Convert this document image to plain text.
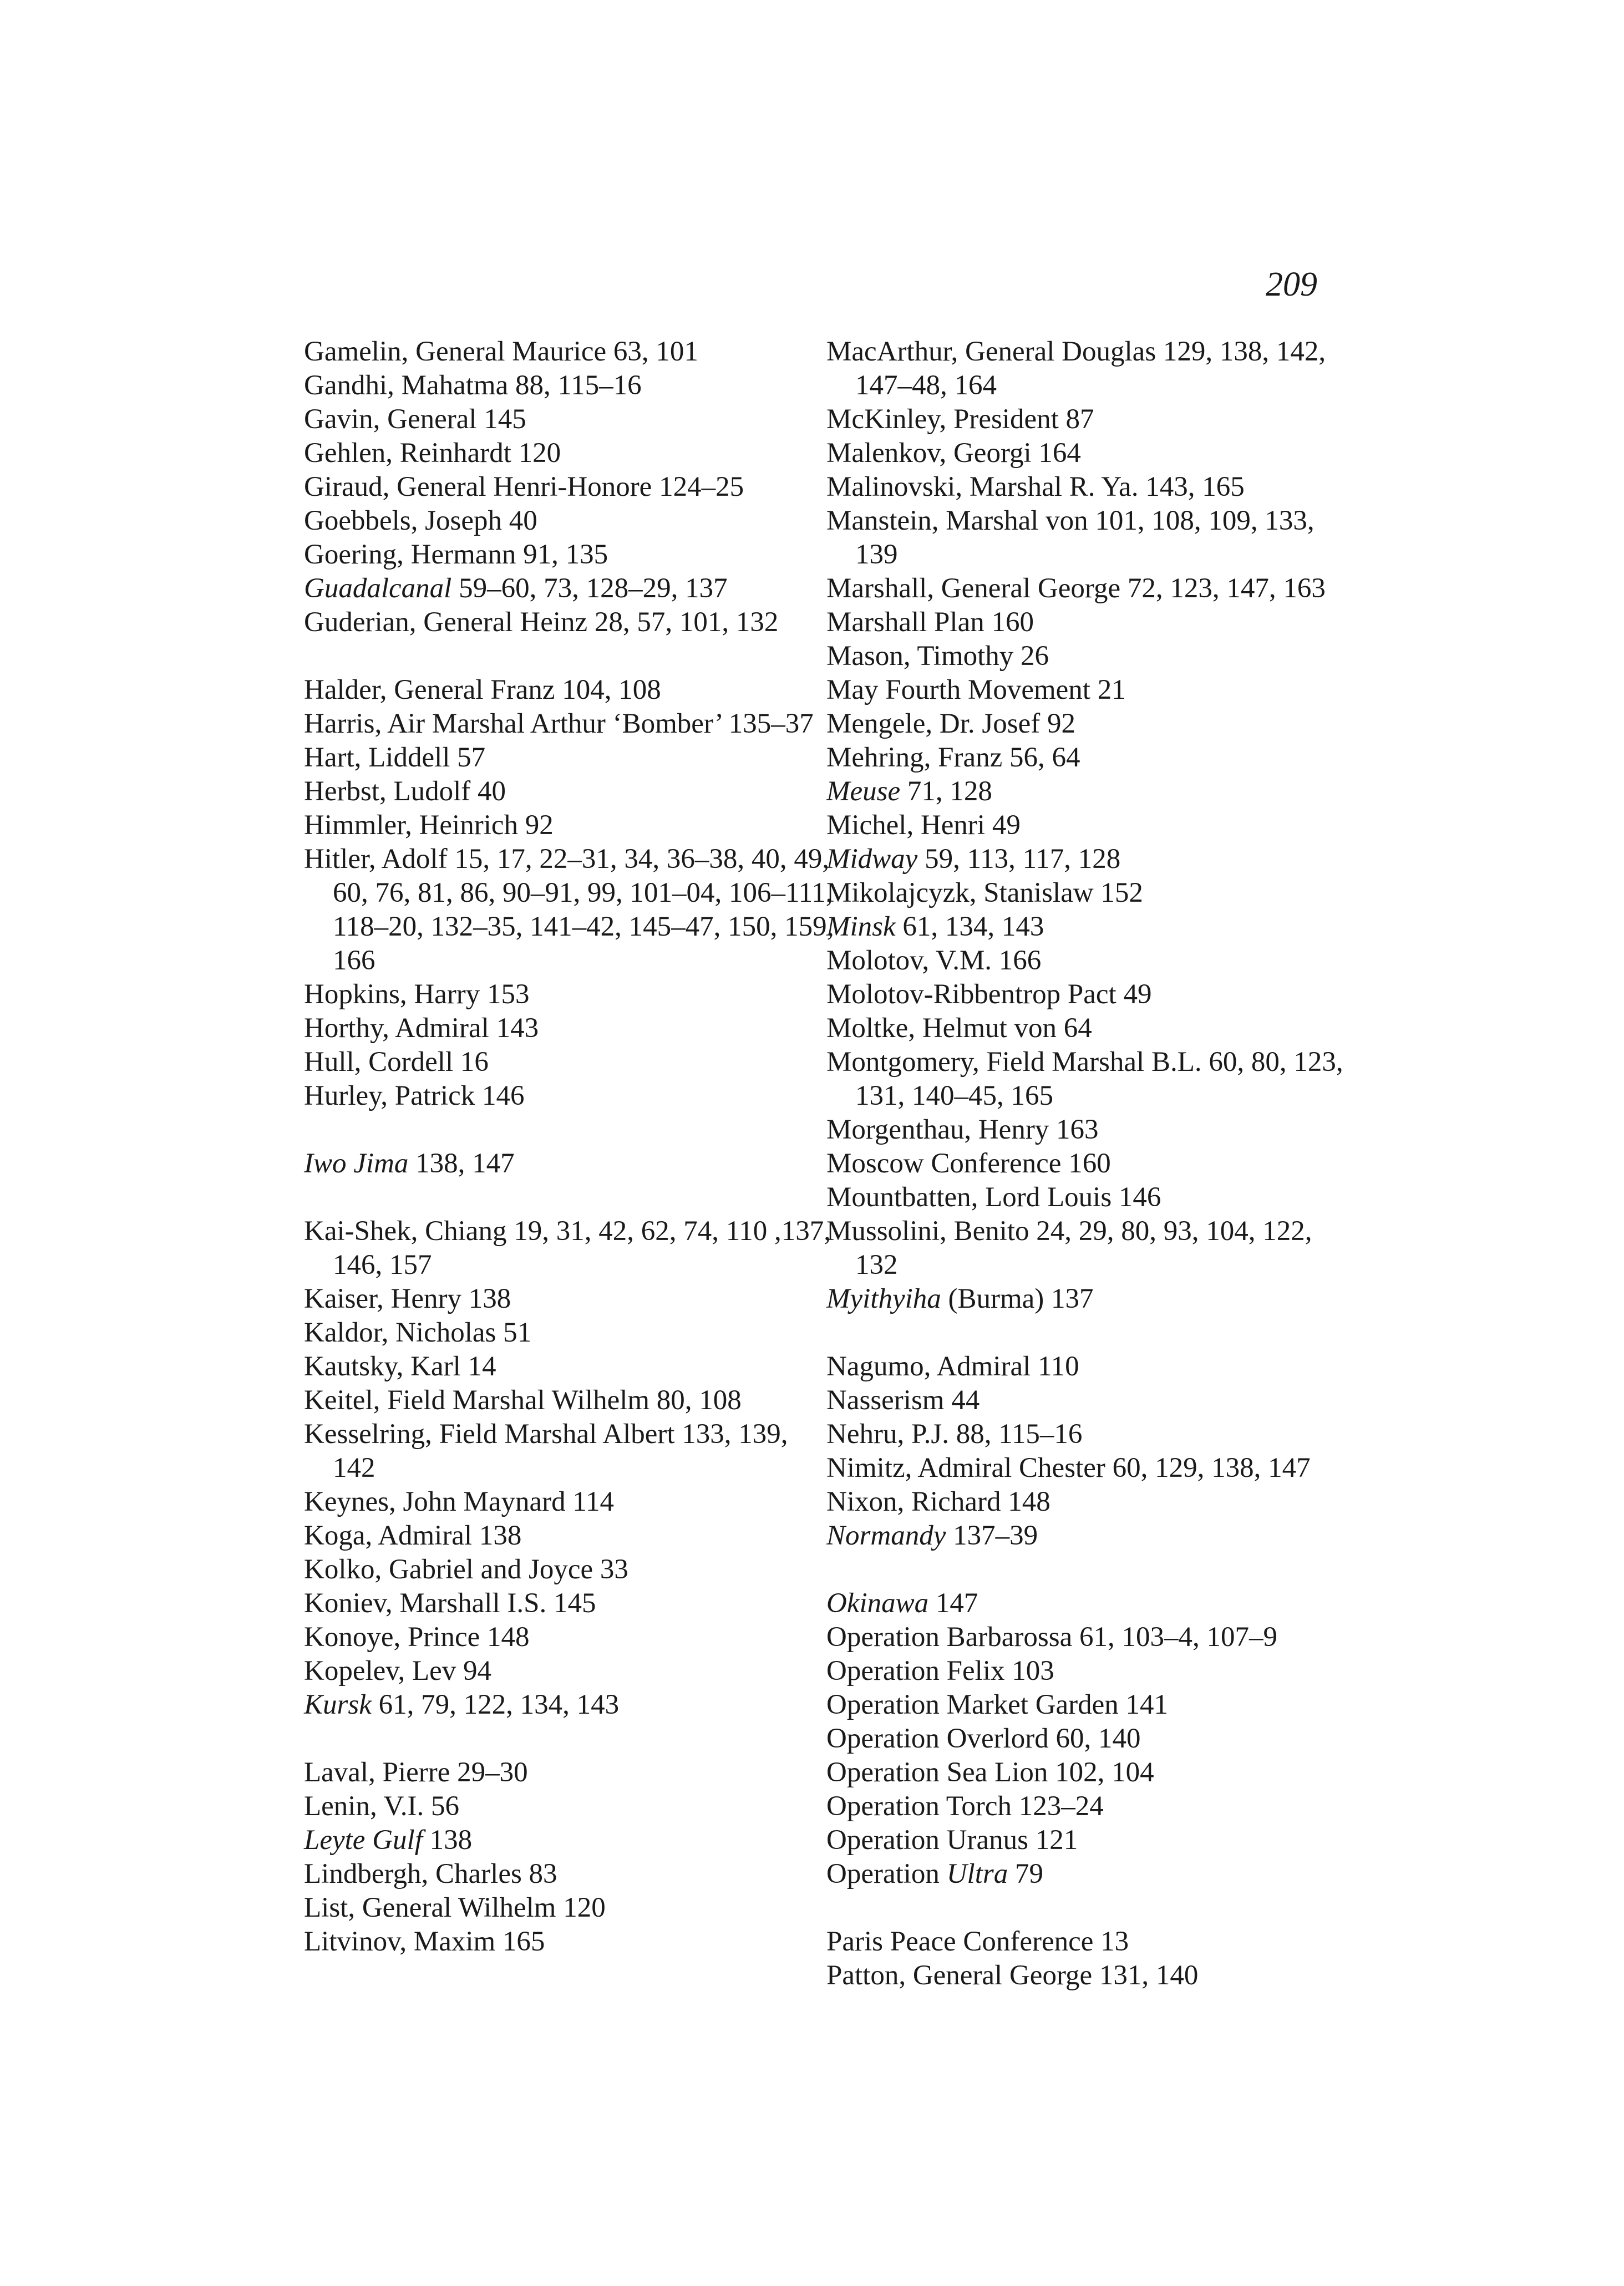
209
Gamelin, General Maurice 63, 101
Gandhi, Mahatma 88, 115–16
Gavin, General 145
Gehlen, Reinhardt 120
Giraud, General Henri-Honore 124–25
Goebbels, Joseph 40
Goering, Hermann 91, 135
Guadalcanal 59–60, 73, 128–29, 137
Guderian, General Heinz 28, 57, 101, 132
Halder, General Franz 104, 108
Harris, Air Marshal Arthur ‘Bomber’ 135–37
Hart, Liddell 57
Herbst, Ludolf 40
Himmler, Heinrich 92
Hitler, Adolf 15, 17, 22–31, 34, 36–38, 40, 49, 60, 76, 81, 86, 90–91, 99, 101–04, 106–111, 118–20, 132–35, 141–42, 145–47, 150, 159, 166
Hopkins, Harry 153
Horthy, Admiral 143
Hull, Cordell 16
Hurley, Patrick 146
Iwo Jima 138, 147
Kai-Shek, Chiang 19, 31, 42, 62, 74, 110 ,137, 146, 157
Kaiser, Henry 138
Kaldor, Nicholas 51
Kautsky, Karl 14
Keitel, Field Marshal Wilhelm 80, 108
Kesselring, Field Marshal Albert 133, 139, 142
Keynes, John Maynard 114
Koga, Admiral 138
Kolko, Gabriel and Joyce 33
Koniev, Marshall I.S. 145
Konoye, Prince 148
Kopelev, Lev 94
Kursk 61, 79, 122, 134, 143
Laval, Pierre 29–30
Lenin, V.I. 56
Leyte Gulf 138
Lindbergh, Charles 83
List, General Wilhelm 120
Litvinov, Maxim 165
MacArthur, General Douglas 129, 138, 142, 147–48, 164
McKinley, President 87
Malenkov, Georgi 164
Malinovski, Marshal R. Ya. 143, 165
Manstein, Marshal von 101, 108, 109, 133, 139
Marshall, General George 72, 123, 147, 163
Marshall Plan 160
Mason, Timothy 26
May Fourth Movement 21
Mengele, Dr. Josef 92
Mehring, Franz 56, 64
Meuse 71, 128
Michel, Henri 49
Midway 59, 113, 117, 128
Mikolajcyzk, Stanislaw 152
Minsk 61, 134, 143
Molotov, V.M. 166
Molotov-Ribbentrop Pact 49
Moltke, Helmut von 64
Montgomery, Field Marshal B.L. 60, 80, 123, 131, 140–45, 165
Morgenthau, Henry 163
Moscow Conference 160
Mountbatten, Lord Louis 146
Mussolini, Benito 24, 29, 80, 93, 104, 122, 132
Myithyiha (Burma) 137
Nagumo, Admiral 110
Nasserism 44
Nehru, P.J. 88, 115–16
Nimitz, Admiral Chester 60, 129, 138, 147
Nixon, Richard 148
Normandy 137–39
Okinawa 147
Operation Barbarossa 61, 103–4, 107–9
Operation Felix 103
Operation Market Garden 141
Operation Overlord 60, 140
Operation Sea Lion 102, 104
Operation Torch 123–24
Operation Uranus 121
Operation Ultra 79
Paris Peace Conference 13
Patton, General George 131, 140
